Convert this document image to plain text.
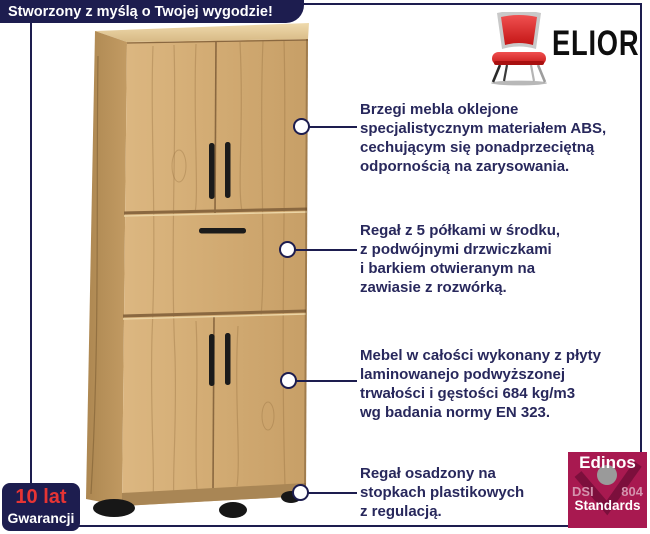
Stworzony z myślą o Twojej wygodzie!
ELIOR
Brzegi mebla oklejone
specjalistycznym materiałem ABS,
cechującym się ponadprzeciętną
odpornością na zarysowania.
Regał z 5 półkami w środku,
z podwójnymi drzwiczkami
i barkiem otwieranym na
zawiasie z rozwórką.
Mebel w całości wykonany z płyty
laminowanejo podwyższonej
trwałości i gęstości 684 kg/m3
wg badania normy EN 323.
Regał osadzony na
stopkach plastikowych
z regulacją.
10 lat
Gwarancji
Edinos
DSI 804
Standards
